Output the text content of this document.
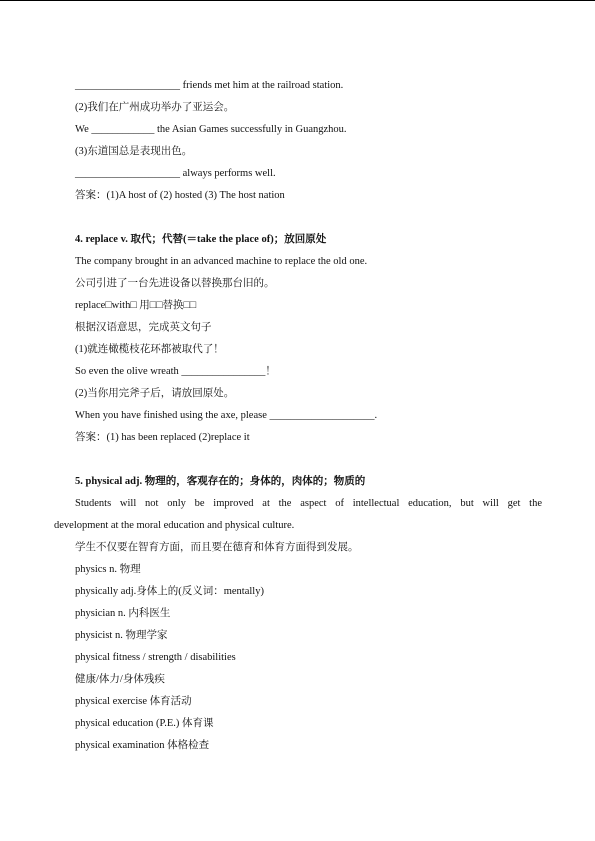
____________________ friends met him at the railroad station.
(2)我们在广州成功举办了亚运会。
We ____________ the Asian Games successfully in Guangzhou.
(3)东道国总是表现出色。
____________________ always performs well.
答案：(1)A host of (2) hosted (3) The host nation
4. replace v. 取代；代替(＝take the place of)；放回原处
The company brought in an advanced machine to replace the old one.
公司引进了一台先进设备以替换那台旧的。
replace□with□ 用□□替换□□
根据汉语意思，完成英文句子
(1)就连橄榄枝花环都被取代了！
So even the olive wreath ________________！
(2)当你用完斧子后，请放回原处。
When you have finished using the axe, please ____________________.
答案：(1) has been replaced (2)replace it
5. physical adj. 物理的，客观存在的；身体的，肉体的；物质的
Students will not only be improved at the aspect of intellectual education, but will get the
development at the moral education and physical culture.
学生不仅要在智育方面，而且要在德育和体育方面得到发展。
physics n. 物理
physically adj.身体上的(反义词：mentally)
physician n. 内科医生
physicist n. 物理学家
physical fitness / strength / disabilities
健康/体力/身体残疾
physical exercise 体育活动
physical education (P.E.) 体育课
physical examination 体格检查
